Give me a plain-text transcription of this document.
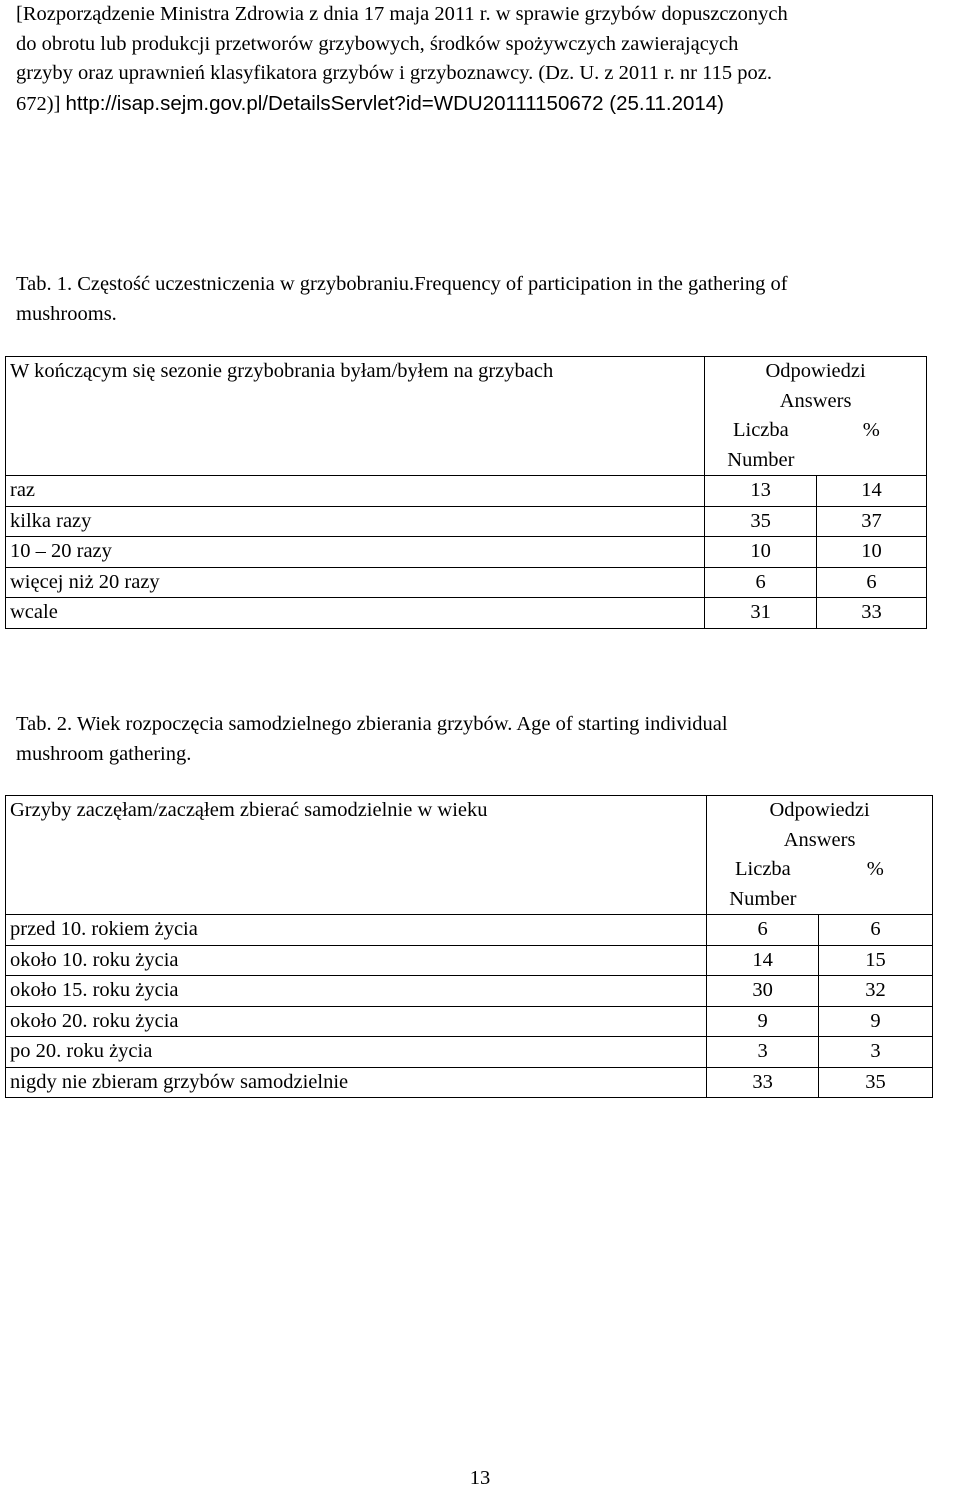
[Rozporządzenie Ministra Zdrowia z dnia 17 maja 2011 r. w sprawie grzybów dopuszczonych
do obrotu lub produkcji przetworów grzybowych, środków spożywczych zawierających
grzyby oraz uprawnień klasyfikatora grzybów i grzyboznawcy. (Dz. U. z 2011 r. nr 115 poz.
672)] http://isap.sejm.gov.pl/DetailsServlet?id=WDU20111150672 (25.11.2014)
Tab. 1. Częstość uczestniczenia w grzybobraniu.Frequency of participation in the gathering of
mushrooms.
W kończącym się sezonie grzybobrania byłam/byłem na grzybach	Odpowiedzi
Answers	

	Liczba
Number	%
raz	13	14
kilka razy	35	37
10 – 20 razy	10	10
więcej niż 20 razy	6	6
wcale	31	33
Tab. 2. Wiek rozpoczęcia samodzielnego zbierania grzybów. Age of starting individual
mushroom gathering.
Grzyby zaczęłam/zacząłem zbierać samodzielnie w wieku	Odpowiedzi
Answers	

	Liczba
Number	%
przed 10. rokiem życia	6	6
około 10. roku życia	14	15
około 15. roku życia	30	32
około 20. roku życia	9	9
po 20. roku życia	3	3
nigdy nie zbieram grzybów samodzielnie	33	35
13
